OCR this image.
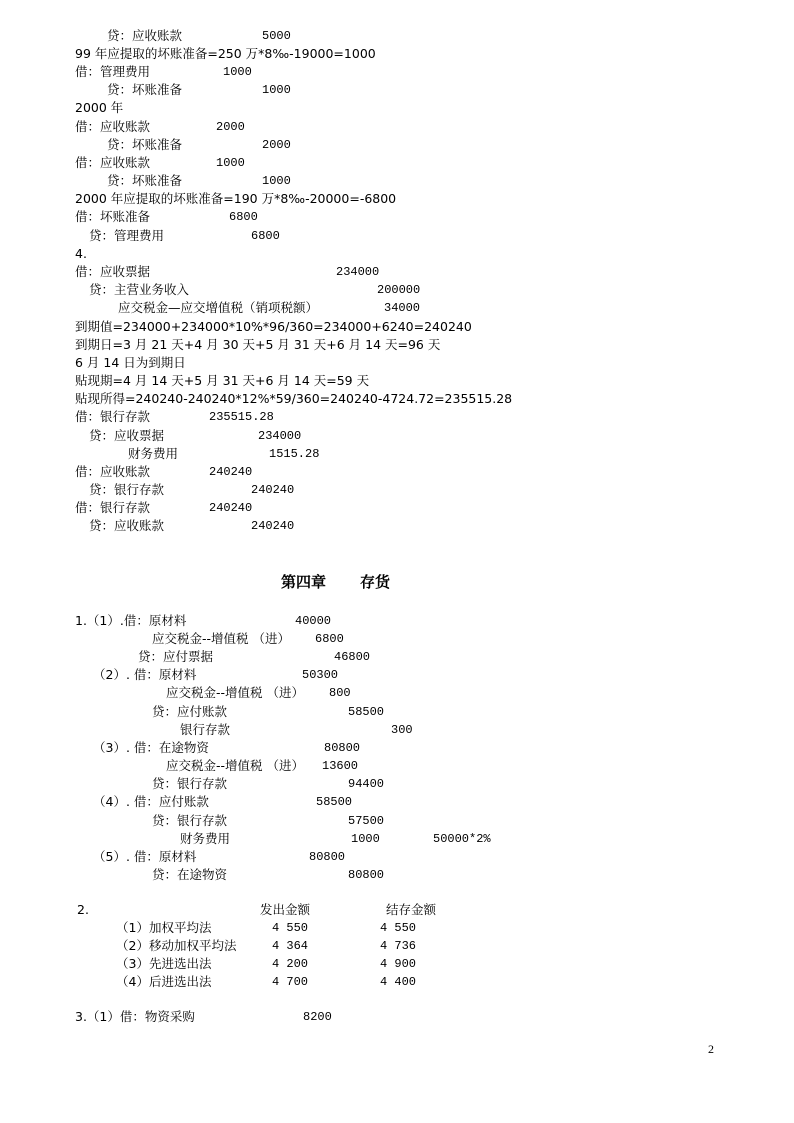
贷：应收账款	5000
99 年应提取的坏账准备=250 万*8‰-19000=1000
借：管理费用	1000
贷：坏账准备	1000
2000 年
借：应收账款	2000
贷：坏账准备	2000
借：应收账款	1000
贷：坏账准备	1000
2000 年应提取的坏账准备=190 万*8‰-20000=-6800
借：坏账准备	6800
贷：管理费用	6800
4.
借：应收票据	234000
贷：主营业务收入	200000
应交税金—应交增值税（销项税额）	34000
到期值=234000+234000*10%*96/360=234000+6240=240240
到期日=3 月 21 天+4 月 30 天+5 月 31 天+6 月 14 天=96 天
6 月 14 日为到期日
贴现期=4 月 14 天+5 月 31 天+6 月 14 天=59 天
贴现所得=240240-240240*12%*59/360=240240-4724.72=235515.28
借：银行存款	235515.28
贷：应收票据	234000
财务费用	1515.28
借：应收账款	240240
贷：银行存款	240240
借：银行存款	240240
贷：应收账款	240240
第四章 存货
1.（1）.借：原材料	40000
应交税金--增值税 （进） 6800
贷：应付票据	46800
（2）. 借：原材料	50300
应交税金--增值税 （进） 800
贷：应付账款	58500
银行存款	300
（3）. 借：在途物资	80800
应交税金--增值税 （进） 13600
贷：银行存款	94400
（4）. 借：应付账款	58500
贷：银行存款	57500
财务费用	1000	50000*2%
（5）. 借：原材料	80800
贷：在途物资	80800
2.	发出金额	结存金额
（1）加权平均法	4 550	4 550
（2）移动加权平均法	4 364	4 736
（3）先进选出法	4 200	4 900
（4）后进选出法	4 700	4 400
3.（1）借：物资采购	8200
2
